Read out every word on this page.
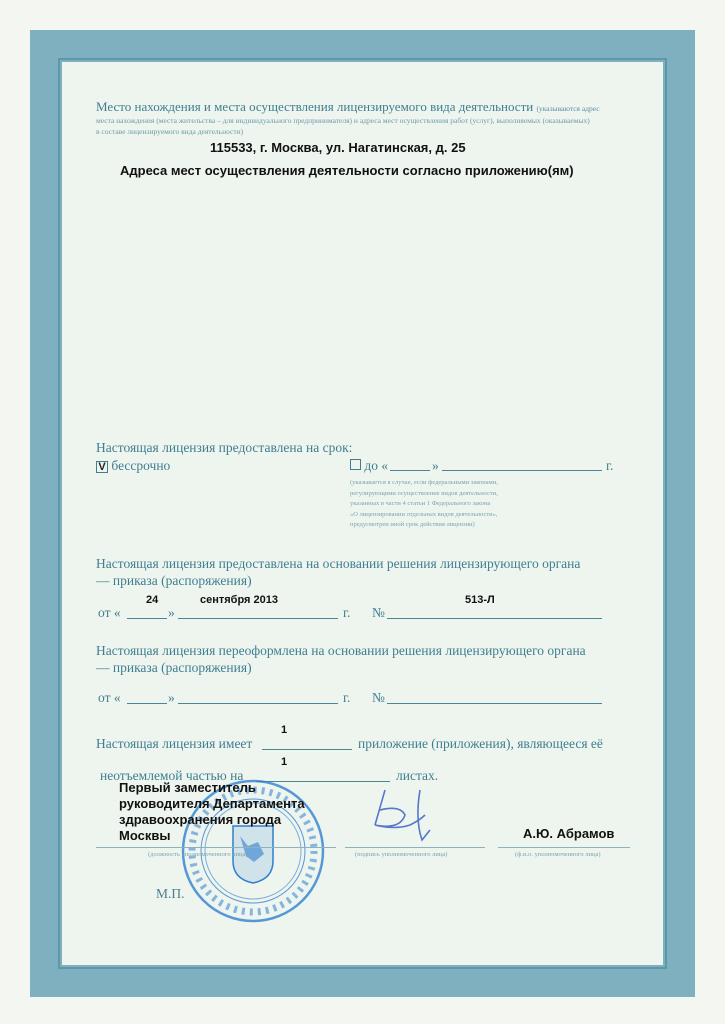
Место нахождения и места осуществления лицензируемого вида деятельности (указываются адрес
места нахождения (места жительства – для индивидуального предпринимателя) и адреса мест осуществления работ (услуг), выполняемых (оказываемых)
в составе лицензируемого вида деятельности)
115533, г. Москва, ул. Нагатинская, д. 25
Адреса мест осуществления деятельности согласно приложению(ям)
Настоящая лицензия предоставлена на срок:
V бессрочно	до «	»	г.
(указывается в случае, если федеральными законами,
регулирующими осуществление видов деятельности,
указанных в части 4 статьи 1 Федерального закона
«О лицензировании отдельных видов деятельности»,
предусмотрен иной срок действия лицензии)
Настоящая лицензия предоставлена на основании решения лицензирующего органа
— приказа (распоряжения)
от «
24
»
сентября 2013
г. №
513-Л
Настоящая лицензия переоформлена на основании решения лицензирующего органа
— приказа (распоряжения)
от «	»	г. №
Настоящая лицензия имеет
1
приложение (приложения), являющееся её
неотъемлемой частью на
1
листах.
Первый заместитель
руководителя Департамента
здравоохранения города
Москвы	А.Ю. Абрамов
(должность уполномоченного лица)	(подпись уполномоченного лица)	(ф.и.о. уполномоченного лица)
М.П.
